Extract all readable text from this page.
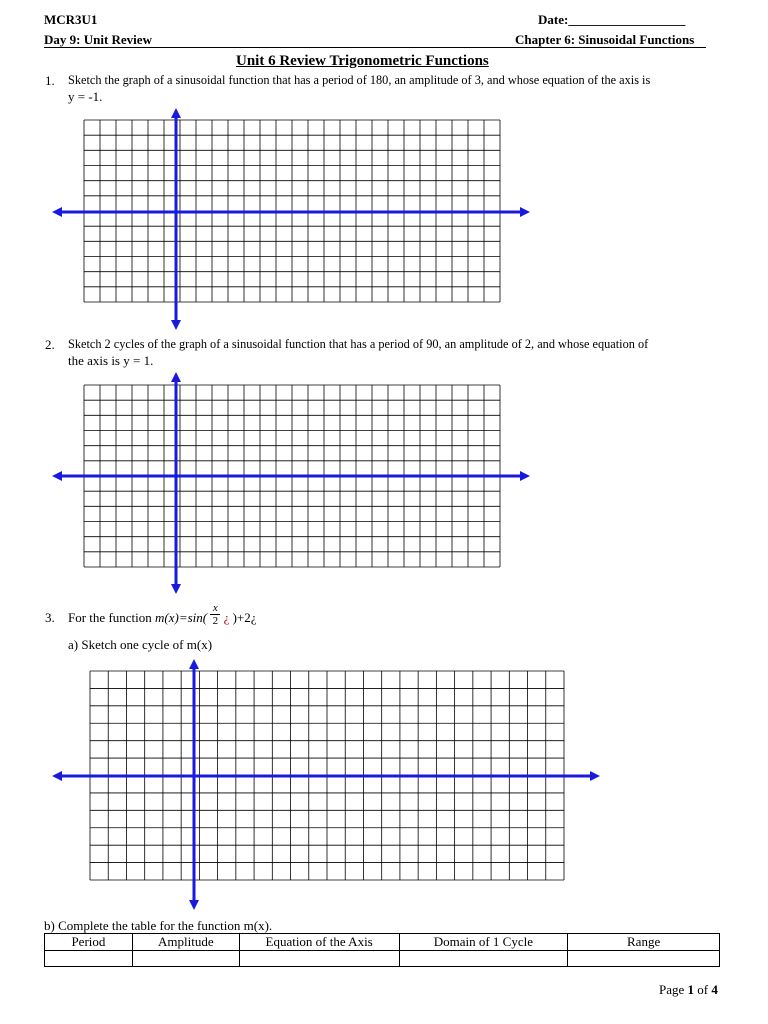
MCR3U1	Date:__________________
Day 9: Unit Review	Chapter 6: Sinusoidal Functions
Unit 6 Review Trigonometric Functions
1. Sketch the graph of a sinusoidal function that has a period of 180, an amplitude of 3, and whose equation of the axis is
y = -1.
2. Sketch 2 cycles of the graph of a sinusoidal function that has a period of 90, an amplitude of 2, and whose equation of
the axis is y = 1.
3. For the function $m(x)=\sin( \frac{x}{2}$ ¿ )+2¿
a) Sketch one cycle of m(x)
b) Complete the table for the function m(x).
Period	Amplitude	Equation of the Axis	Domain of 1 Cycle	Range

Page 1 of 4
